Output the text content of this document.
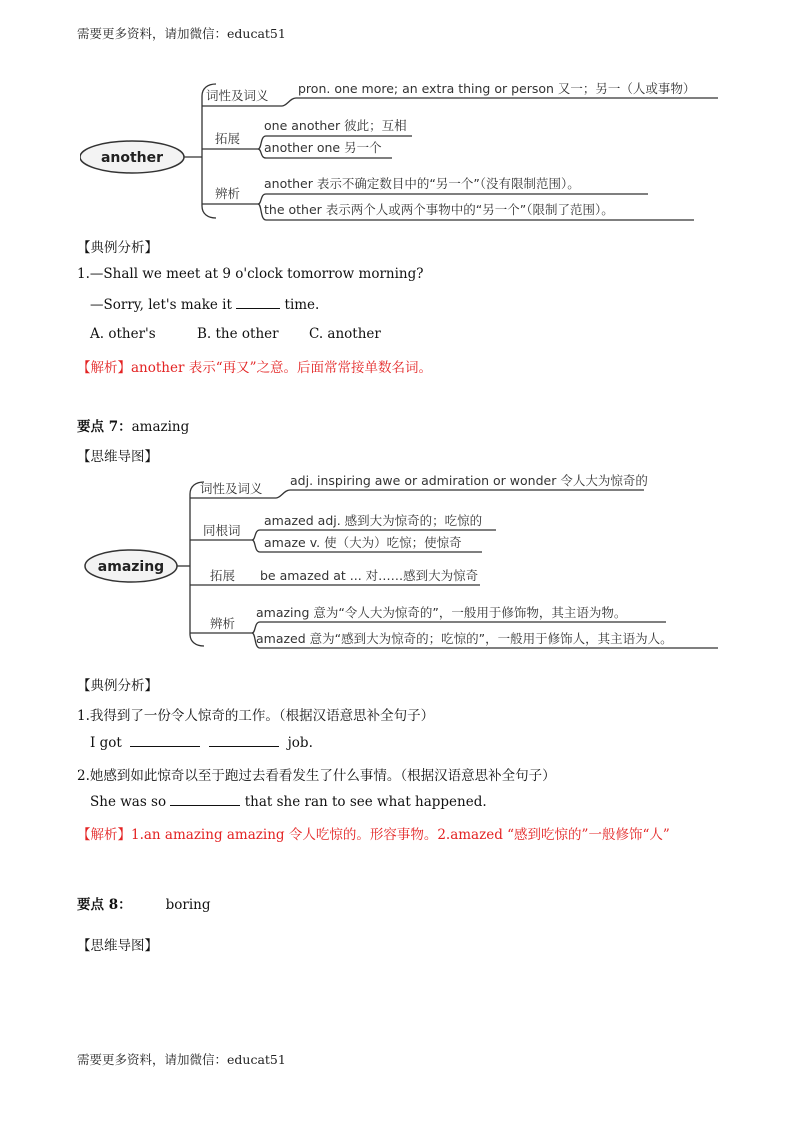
需要更多资料，请加微信：educat51
another
词性及词义
拓展
辨析
pron. one more; an extra thing or person 又一；另一（人或事物）
one another 彼此；互相
another one 另一个
another 表示不确定数目中的“另一个”（没有限制范围）。
the other 表示两个人或两个事物中的“另一个”（限制了范围）。
【典例分析】
1.—Shall we meet at 9 o'clock tomorrow morning?
—Sorry, let's make it	time.
A. other's	B. the other C. another
【解析】another 表示“再又”之意。后面常常接单数名词。
要点 7：amazing
【思维导图】
amazing
词性及词义
同根词
拓展
辨析
adj. inspiring awe or admiration or wonder 令人大为惊奇的
amazed adj. 感到大为惊奇的；吃惊的
amaze v. 使（大为）吃惊；使惊奇
be amazed at ... 对……感到大为惊奇
amazing 意为“令人大为惊奇的”，一般用于修饰物，其主语为物。
amazed 意为“感到大为惊奇的；吃惊的”，一般用于修饰人，其主语为人。
【典例分析】
1.我得到了一份令人惊奇的工作。（根据汉语意思补全句子）
I got	job.
2.她感到如此惊奇以至于跑过去看看发生了什么事情。（根据汉语意思补全句子）
She was so	that she ran to see what happened.
【解析】1.an amazing amazing 令人吃惊的。形容事物。2.amazed “感到吃惊的”一般修饰“人”
要点 8：	boring
【思维导图】
需要更多资料，请加微信：educat51
